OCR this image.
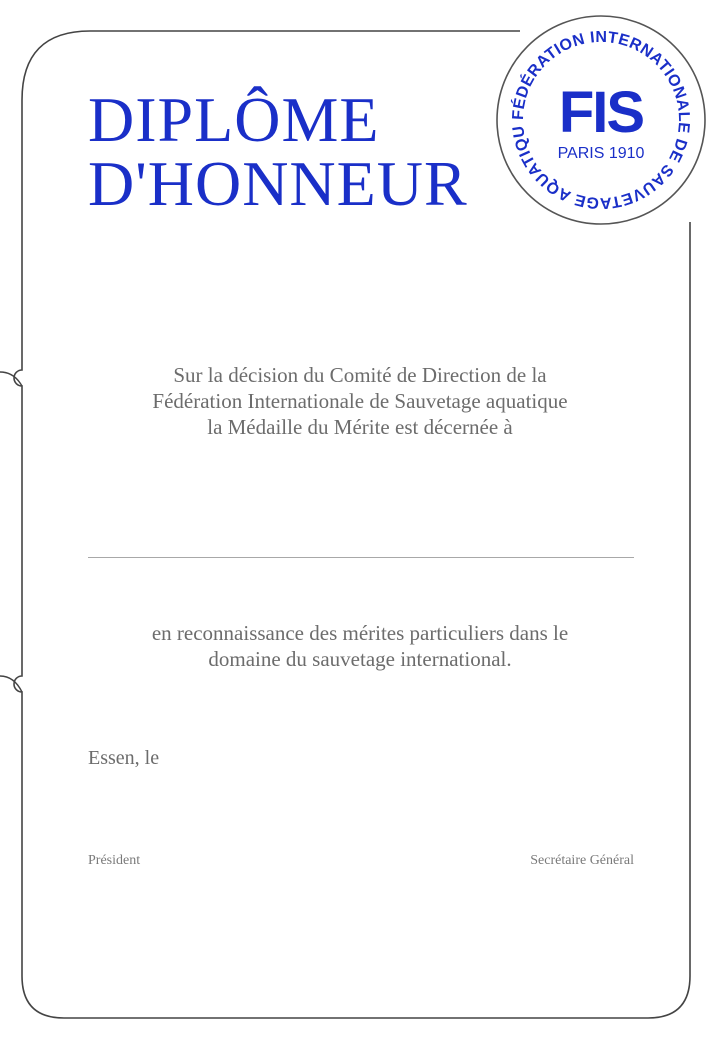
DIPLÔME
D'HONNEUR
FÉDÉRATION INTERNATIONALE DE SAUVETAGE AQUATIQU FIS
PARIS 1910
Sur la décision du Comité de Direction de la
Fédération Internationale de Sauvetage aquatique
la Médaille du Mérite est décernée à
en reconnaissance des mérites particuliers dans le
domaine du sauvetage international.
Essen, le
Président	Secrétaire Général
